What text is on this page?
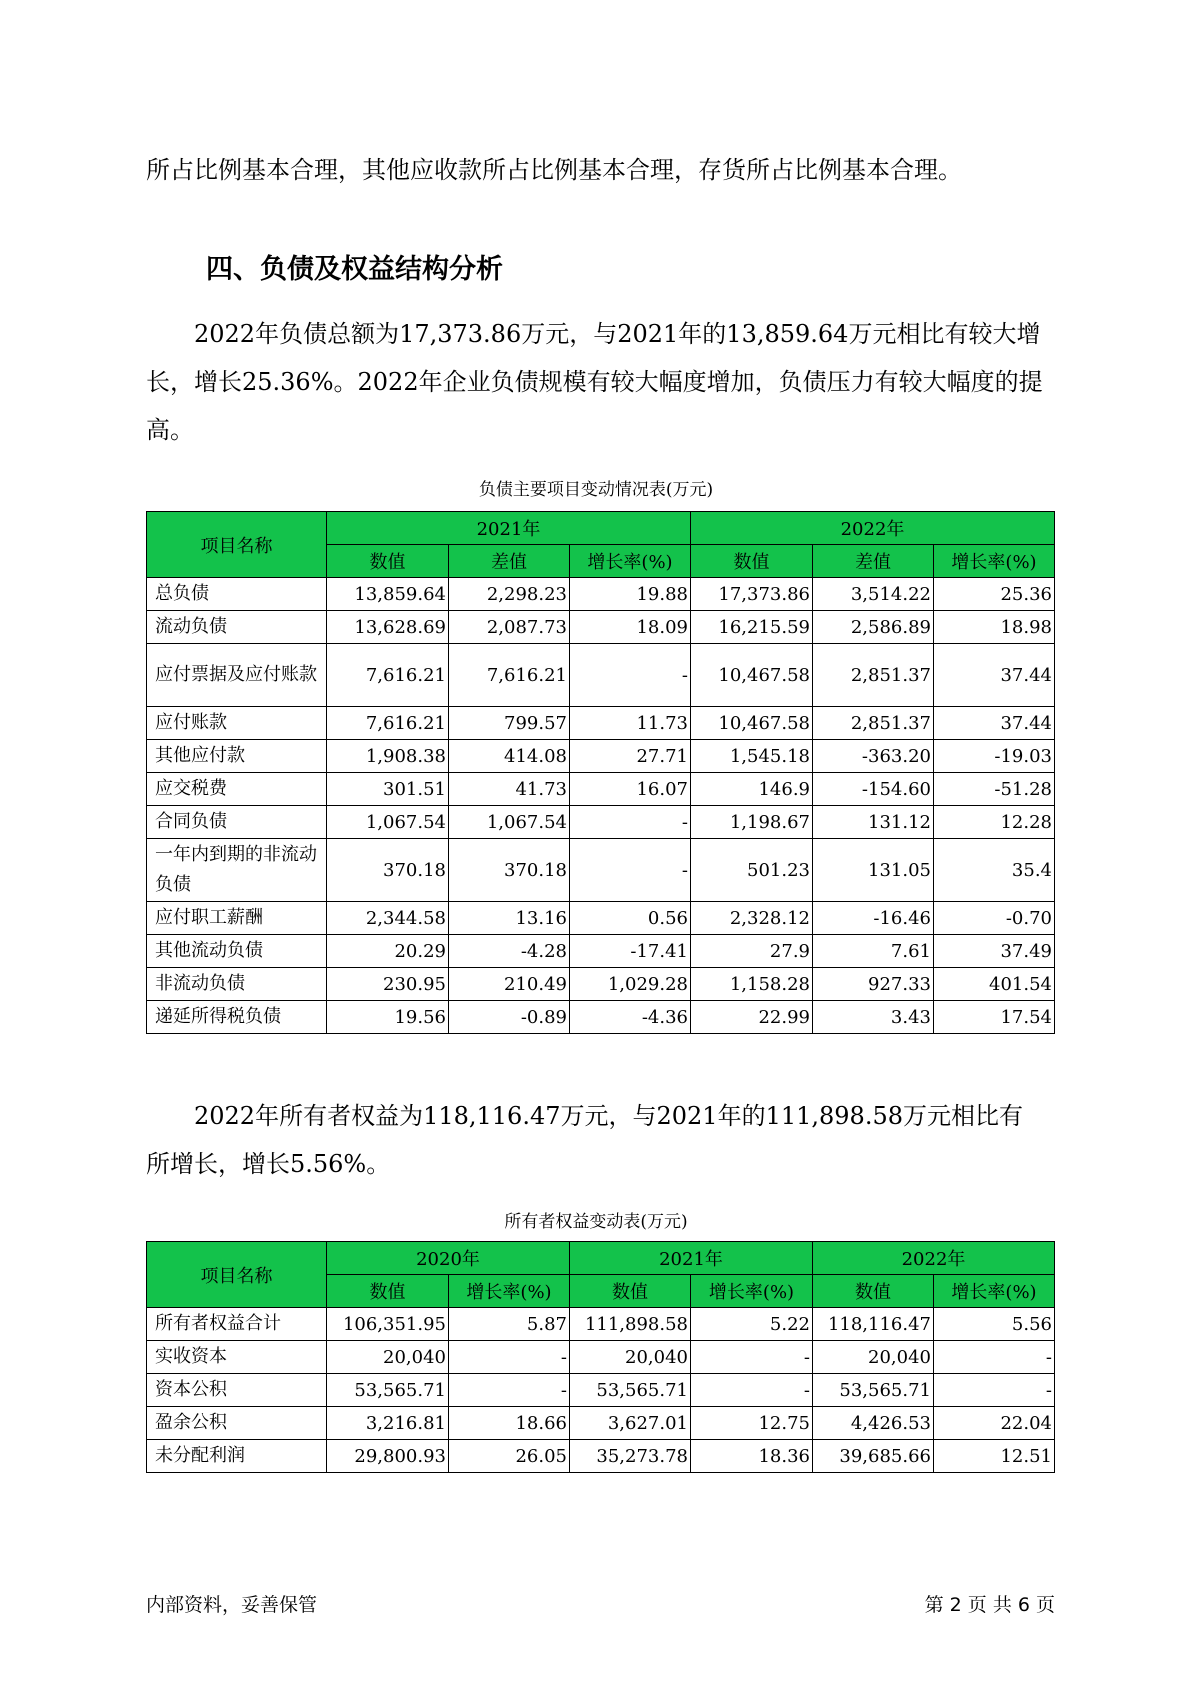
所占比例基本合理，其他应收款所占比例基本合理，存货所占比例基本合理。

四、负债及权益结构分析

2022年负债总额为17,373.86万元，与2021年的13,859.64万元相比有较大增长，增长25.36%。2022年企业负债规模有较大幅度增加，负债压力有较大幅度的提高。

负债主要项目变动情况表(万元)
项目名称	2021年			2022年		
	数值	差值	增长率(%)	数值	差值	增长率(%)
总负债	13,859.64	2,298.23	19.88	17,373.86	3,514.22	25.36
流动负债	13,628.69	2,087.73	18.09	16,215.59	2,586.89	18.98
应付票据及应付账款	7,616.21	7,616.21	-	10,467.58	2,851.37	37.44
应付账款	7,616.21	799.57	11.73	10,467.58	2,851.37	37.44
其他应付款	1,908.38	414.08	27.71	1,545.18	-363.20	-19.03
应交税费	301.51	41.73	16.07	146.9	-154.60	-51.28
合同负债	1,067.54	1,067.54	-	1,198.67	131.12	12.28
一年内到期的非流动负债	370.18	370.18	-	501.23	131.05	35.4
应付职工薪酬	2,344.58	13.16	0.56	2,328.12	-16.46	-0.70
其他流动负债	20.29	-4.28	-17.41	27.9	7.61	37.49
非流动负债	230.95	210.49	1,029.28	1,158.28	927.33	401.54
递延所得税负债	19.56	-0.89	-4.36	22.99	3.43	17.54

2022年所有者权益为118,116.47万元，与2021年的111,898.58万元相比有所增长，增长5.56%。

所有者权益变动表(万元)
项目名称	2020年		2021年		2022年	
	数值	增长率(%)	数值	增长率(%)	数值	增长率(%)
所有者权益合计	106,351.95	5.87	111,898.58	5.22	118,116.47	5.56
实收资本	20,040	-	20,040	-	20,040	-
资本公积	53,565.71	-	53,565.71	-	53,565.71	-
盈余公积	3,216.81	18.66	3,627.01	12.75	4,426.53	22.04
未分配利润	29,800.93	26.05	35,273.78	18.36	39,685.66	12.51
内部资料，妥善保管	第 2 页 共 6 页
